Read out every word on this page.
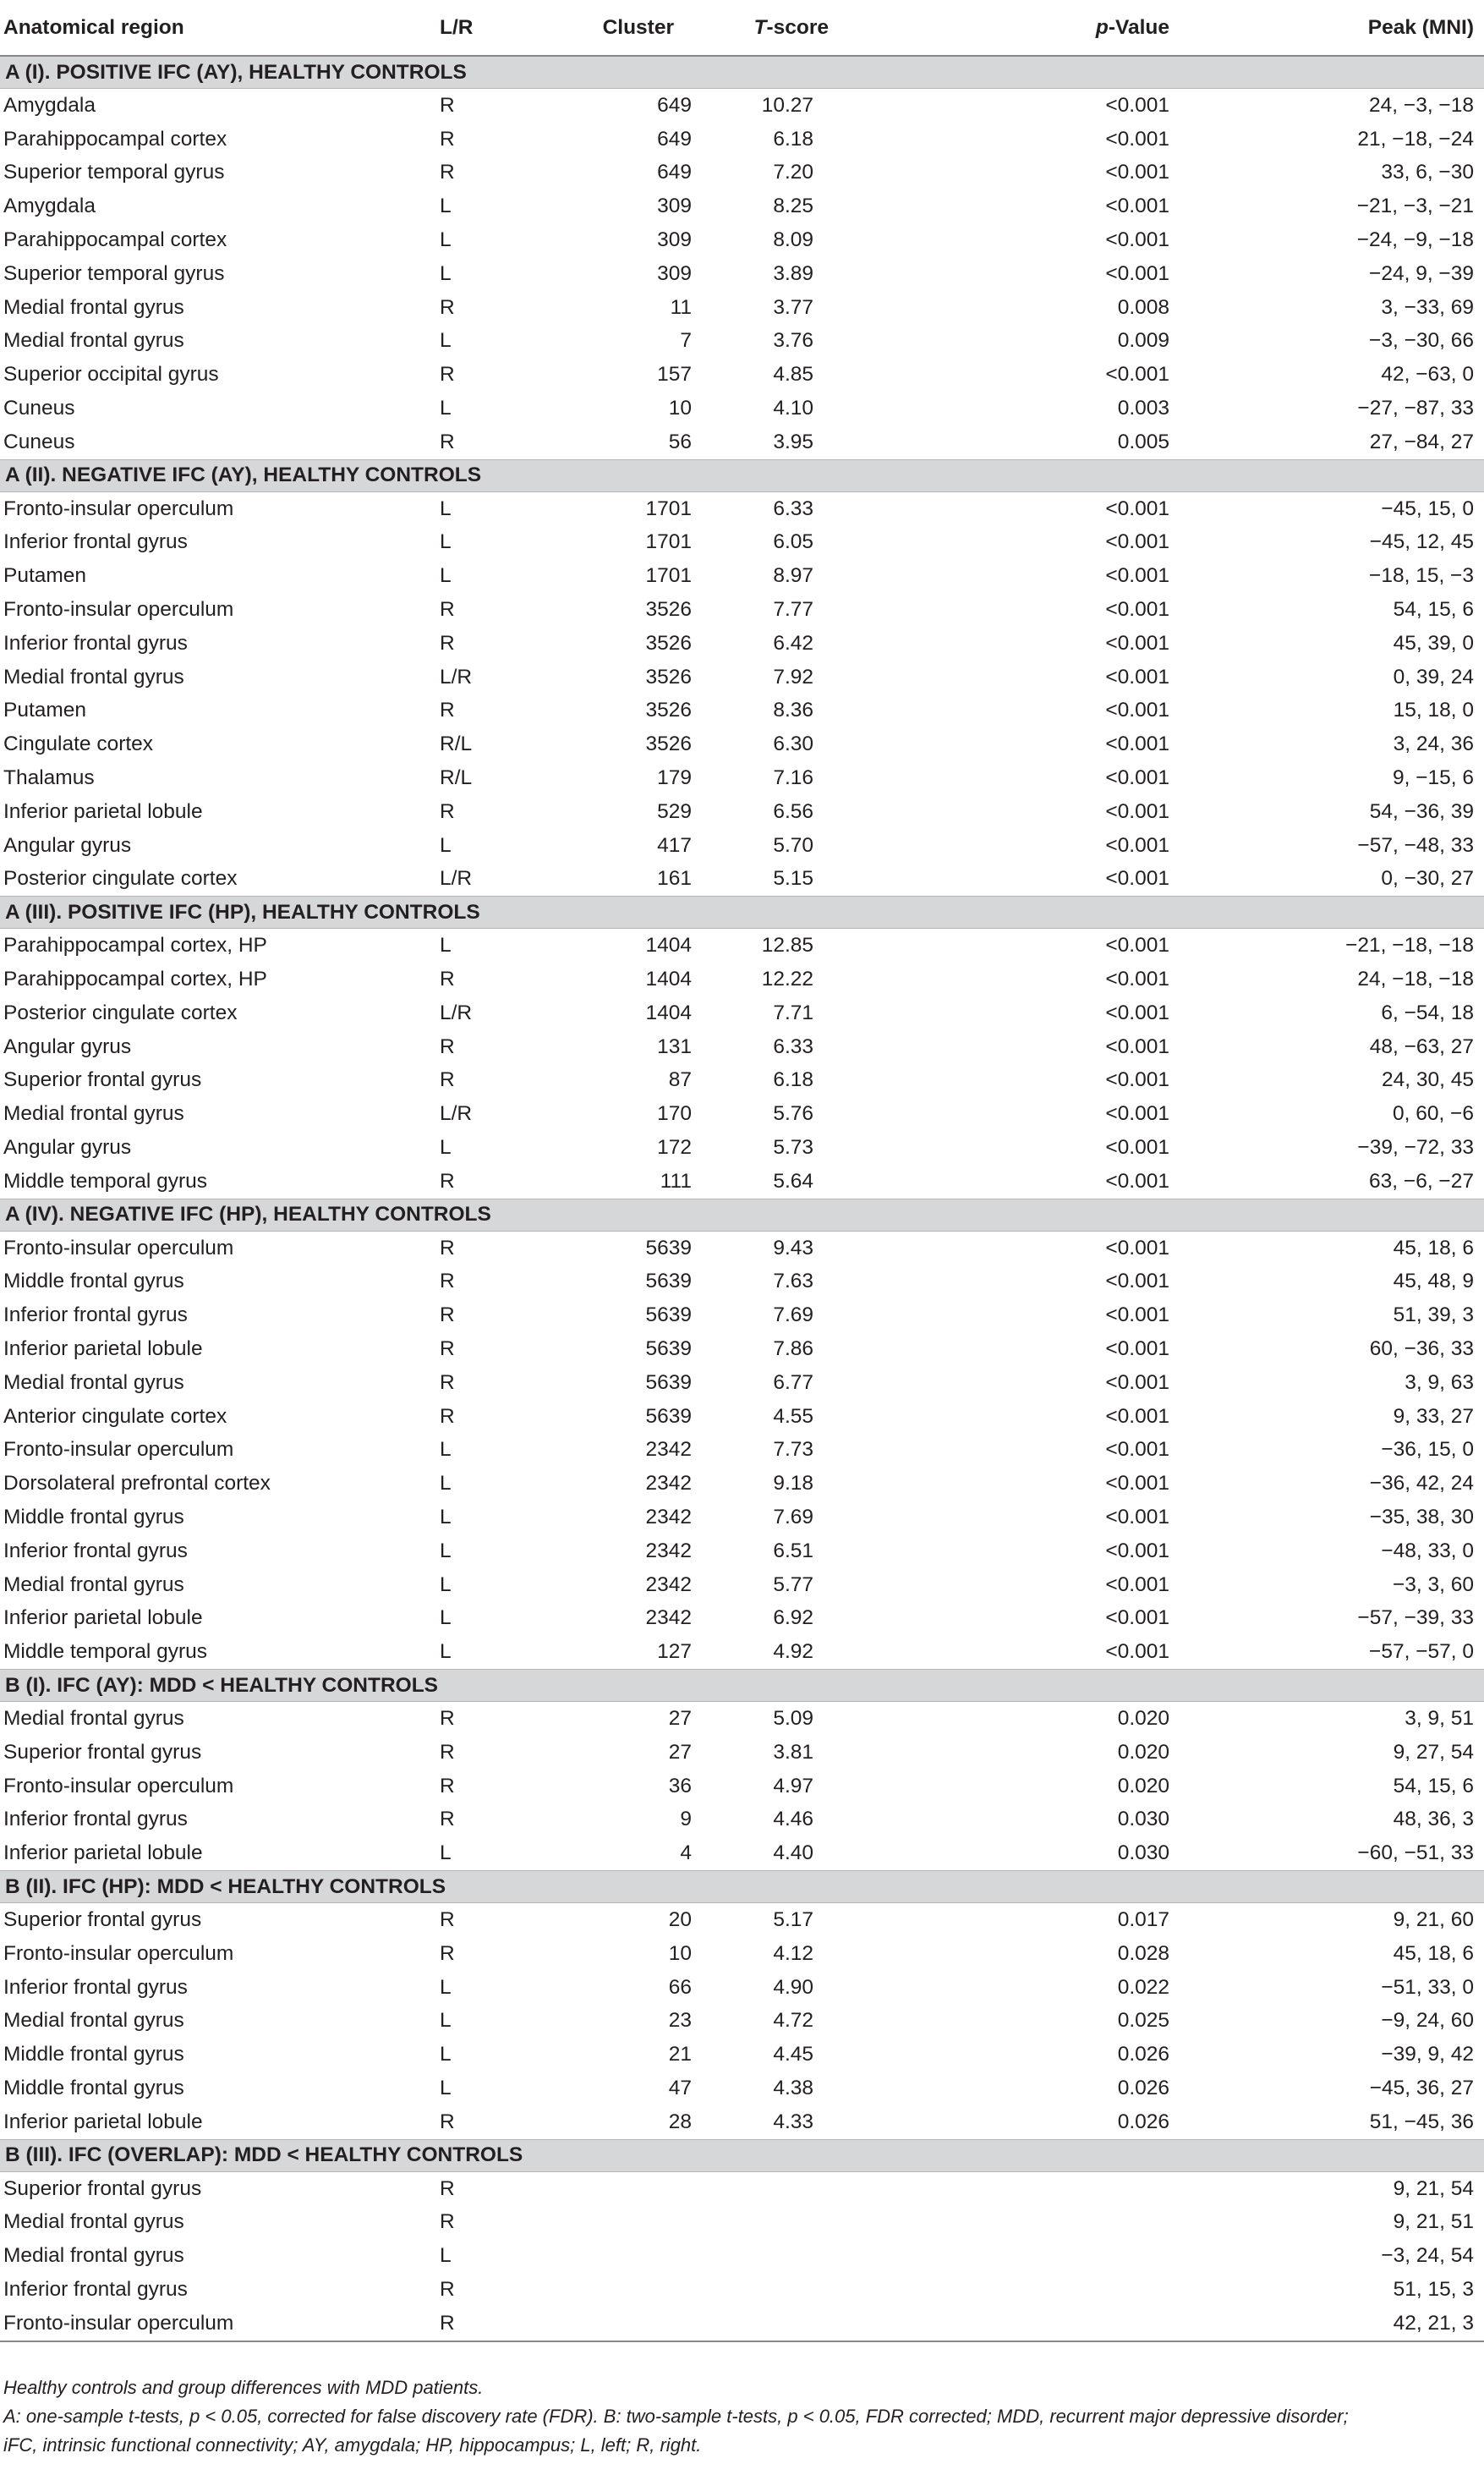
Anatomical region	L/R	Cluster	T-score	p-Value	Peak (MNI)
A (I). POSITIVE IFC (AY), HEALTHY CONTROLS					
Amygdala	R	649	10.27	<0.001	24, −3, −18
Parahippocampal cortex	R	649	6.18	<0.001	21, −18, −24
Superior temporal gyrus	R	649	7.20	<0.001	33, 6, −30
Amygdala	L	309	8.25	<0.001	−21, −3, −21
Parahippocampal cortex	L	309	8.09	<0.001	−24, −9, −18
Superior temporal gyrus	L	309	3.89	<0.001	−24, 9, −39
Medial frontal gyrus	R	11	3.77	0.008	3, −33, 69
Medial frontal gyrus	L	7	3.76	0.009	−3, −30, 66
Superior occipital gyrus	R	157	4.85	<0.001	42, −63, 0
Cuneus	L	10	4.10	0.003	−27, −87, 33
Cuneus	R	56	3.95	0.005	27, −84, 27
A (II). NEGATIVE IFC (AY), HEALTHY CONTROLS					
Fronto-insular operculum	L	1701	6.33	<0.001	−45, 15, 0
Inferior frontal gyrus	L	1701	6.05	<0.001	−45, 12, 45
Putamen	L	1701	8.97	<0.001	−18, 15, −3
Fronto-insular operculum	R	3526	7.77	<0.001	54, 15, 6
Inferior frontal gyrus	R	3526	6.42	<0.001	45, 39, 0
Medial frontal gyrus	L/R	3526	7.92	<0.001	0, 39, 24
Putamen	R	3526	8.36	<0.001	15, 18, 0
Cingulate cortex	R/L	3526	6.30	<0.001	3, 24, 36
Thalamus	R/L	179	7.16	<0.001	9, −15, 6
Inferior parietal lobule	R	529	6.56	<0.001	54, −36, 39
Angular gyrus	L	417	5.70	<0.001	−57, −48, 33
Posterior cingulate cortex	L/R	161	5.15	<0.001	0, −30, 27
A (III). POSITIVE IFC (HP), HEALTHY CONTROLS					
Parahippocampal cortex, HP	L	1404	12.85	<0.001	−21, −18, −18
Parahippocampal cortex, HP	R	1404	12.22	<0.001	24, −18, −18
Posterior cingulate cortex	L/R	1404	7.71	<0.001	6, −54, 18
Angular gyrus	R	131	6.33	<0.001	48, −63, 27
Superior frontal gyrus	R	87	6.18	<0.001	24, 30, 45
Medial frontal gyrus	L/R	170	5.76	<0.001	0, 60, −6
Angular gyrus	L	172	5.73	<0.001	−39, −72, 33
Middle temporal gyrus	R	111	5.64	<0.001	63, −6, −27
A (IV). NEGATIVE IFC (HP), HEALTHY CONTROLS					
Fronto-insular operculum	R	5639	9.43	<0.001	45, 18, 6
Middle frontal gyrus	R	5639	7.63	<0.001	45, 48, 9
Inferior frontal gyrus	R	5639	7.69	<0.001	51, 39, 3
Inferior parietal lobule	R	5639	7.86	<0.001	60, −36, 33
Medial frontal gyrus	R	5639	6.77	<0.001	3, 9, 63
Anterior cingulate cortex	R	5639	4.55	<0.001	9, 33, 27
Fronto-insular operculum	L	2342	7.73	<0.001	−36, 15, 0
Dorsolateral prefrontal cortex	L	2342	9.18	<0.001	−36, 42, 24
Middle frontal gyrus	L	2342	7.69	<0.001	−35, 38, 30
Inferior frontal gyrus	L	2342	6.51	<0.001	−48, 33, 0
Medial frontal gyrus	L	2342	5.77	<0.001	−3, 3, 60
Inferior parietal lobule	L	2342	6.92	<0.001	−57, −39, 33
Middle temporal gyrus	L	127	4.92	<0.001	−57, −57, 0
B (I). IFC (AY): MDD < HEALTHY CONTROLS					
Medial frontal gyrus	R	27	5.09	0.020	3, 9, 51
Superior frontal gyrus	R	27	3.81	0.020	9, 27, 54
Fronto-insular operculum	R	36	4.97	0.020	54, 15, 6
Inferior frontal gyrus	R	9	4.46	0.030	48, 36, 3
Inferior parietal lobule	L	4	4.40	0.030	−60, −51, 33
B (II). IFC (HP): MDD < HEALTHY CONTROLS					
Superior frontal gyrus	R	20	5.17	0.017	9, 21, 60
Fronto-insular operculum	R	10	4.12	0.028	45, 18, 6
Inferior frontal gyrus	L	66	4.90	0.022	−51, 33, 0
Medial frontal gyrus	L	23	4.72	0.025	−9, 24, 60
Middle frontal gyrus	L	21	4.45	0.026	−39, 9, 42
Middle frontal gyrus	L	47	4.38	0.026	−45, 36, 27
Inferior parietal lobule	R	28	4.33	0.026	51, −45, 36
B (III). IFC (OVERLAP): MDD < HEALTHY CONTROLS					
Superior frontal gyrus	R				9, 21, 54
Medial frontal gyrus	R				9, 21, 51
Medial frontal gyrus	L				−3, 24, 54
Inferior frontal gyrus	R				51, 15, 3
Fronto-insular operculum	R				42, 21, 3

Healthy controls and group differences with MDD patients.

A: one-sample t-tests, p < 0.05, corrected for false discovery rate (FDR). B: two-sample t-tests, p < 0.05, FDR corrected; MDD, recurrent major depressive disorder;

iFC, intrinsic functional connectivity; AY, amygdala; HP, hippocampus; L, left; R, right.
